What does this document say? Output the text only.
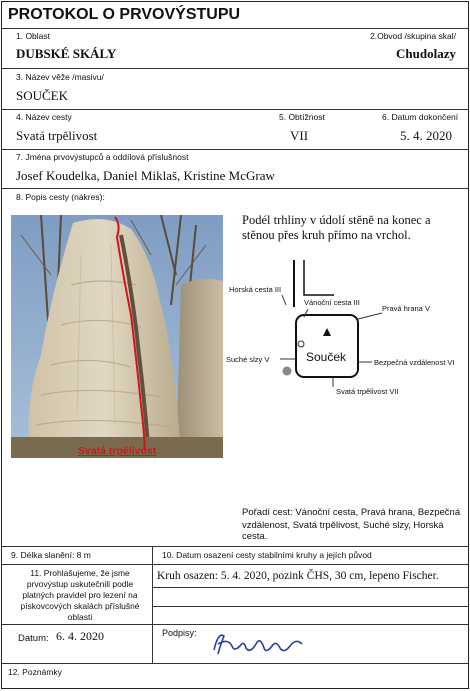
PROTOKOL O PRVOVÝSTUPU
1. Oblast	2.Obvod /skupina skal/
DUBSKÉ SKÁLY	Chudolazy
3. Název věže /masivu/
SOUČEK
4. Název cesty	5. Obtížnost	6. Datum dokončení
Svatá trpělivost	VII	5. 4. 2020
7. Jména prvovýstupců a oddílová příslušnost
Josef Koudelka, Daniel Miklaš, Kristine McGraw
8. Popis cesty (nákres):
Svatá trpělivost
Podél trhliny v údolí stěně na konec a
stěnou přes kruh přímo na vrchol.
Horská cesta III
Souček
Vánoční cesta III
Pravá hrana V
Suché slzy V	Bezpečná vzdálenost VI
Svatá trpělivost VII
Pořadí cest: Vánoční cesta, Pravá hrana, Bezpečná
vzdálenost, Svatá trpělivost, Suché slzy, Horská cesta.
9. Délka slanění: 8 m	10. Datum osazení cesty stabilními kruhy a jejích původ
11. Prohlašujeme, že jsme
prvovýstup uskutečnili podle
platných pravidel pro lezení na
pískovcových skalách příslušné
oblasti
Kruh osazen: 5. 4. 2020, pozink ČHS, 30 cm, lepeno Fischer.
Datum: 6. 4. 2020	Podpisy:
12. Poznámky
